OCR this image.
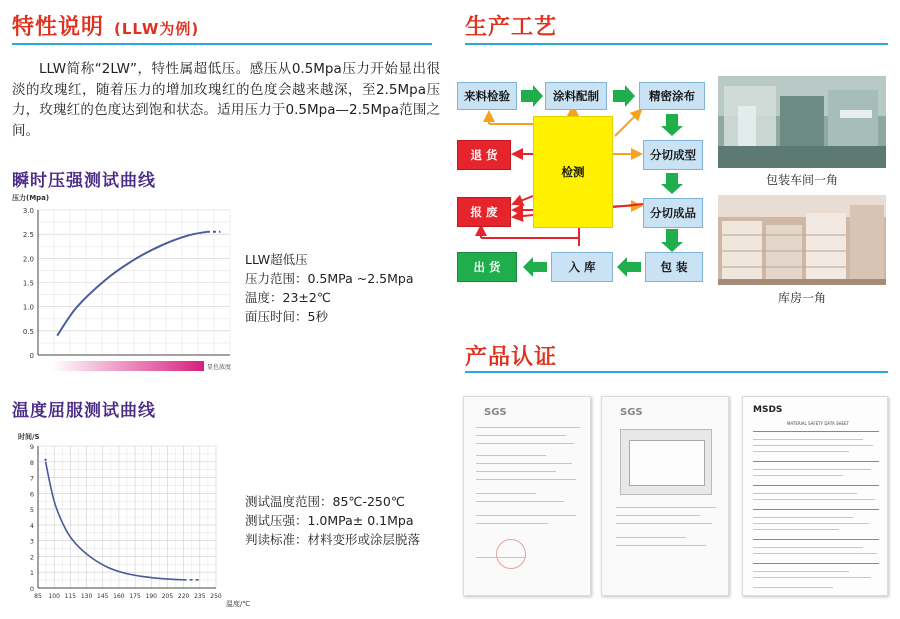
特性说明 (LLW为例)

LLW简称“2LW”，特性属超低压。感压从0.5Mpa压力开始显出很淡的玫瑰红，随着压力的增加玫瑰红的色度会越来越深，至2.5Mpa压力，玫瑰红的色度达到饱和状态。适用压力于0.5Mpa—2.5Mpa范围之间。

瞬时压强测试曲线
压力(Mpa)
0
0.5
1.0
1.5
2.0
2.5
3.0
显色浓度
LLW超低压
压力范围：0.5MPa ~2.5Mpa
温度：23±2℃
面压时间：5秒
温度屈服测试曲线
时间/S
0
1
2
3
4
5
6
7
8
9
85 100 115 130 145 160 175 190 205 220 235 250
温度/℃
测试温度范围：85℃-250℃
测试压强：1.0MPa± 0.1Mpa
判读标准：材料变形或涂层脱落
生产工艺
来料检验	涂料配制	精密涂布
退 货
检测
分切成型
报 废	分切成品
出 货	入 库	包 装
包装车间一角
库房一角
产品认证
SGS	SGS	MSDS
MATERIAL SAFETY DATA SHEET
